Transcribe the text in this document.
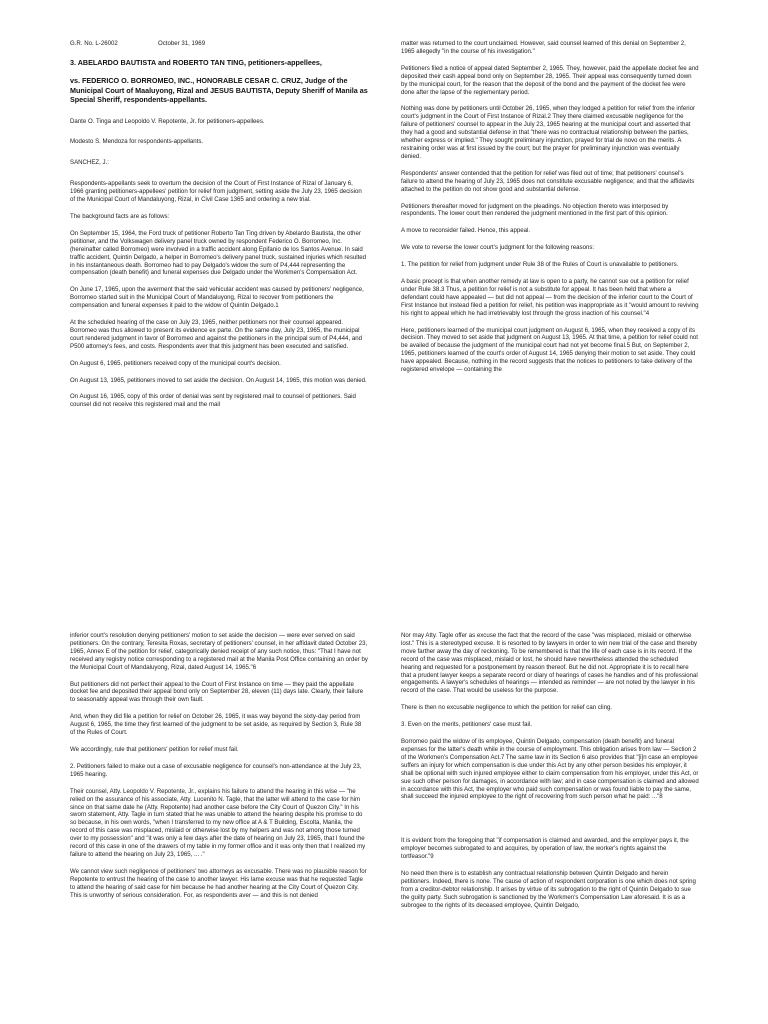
G.R. No. L-26002	October 31, 1969

3. ABELARDO BAUTISTA and ROBERTO TAN TING, petitioners-appellees,

vs. FEDERICO O. BORROMEO, INC., HONORABLE CESAR C. CRUZ, Judge of the Municipal Court of Maaluyong, Rizal and JESUS BAUTISTA, Deputy Sheriff of Manila as Special Sheriff, respondents-appellants.

Dante O. Tinga and Leopoldo V. Repotente, Jr. for petitioners-appellees.

Modesto S. Mendoza for respondents-appellants.

SANCHEZ, J.:

Respondents-appellants seek to overturn the decision of the Court of First Instance of Rizal of January 6, 1966 granting petitioners-appellees' petition for relief from judgment, setting aside the July 23, 1965 decision of the Municipal Court of Mandaluyong, Rizal, in Civil Case 1365 and ordering a new trial.

The background facts are as follows:

On September 15, 1964, the Ford truck of petitioner Roberto Tan Ting driven by Abelardo Bautista, the other petitioner, and the Volkswagen delivery panel truck owned by respondent Federico O. Borromeo, Inc. (hereinafter called Borromeo) were involved in a traffic accident along Epifanio de los Santos Avenue. In said traffic accident, Quintin Delgado, a helper in Borromeo's delivery panel truck, sustained injuries which resulted in his instantaneous death. Borromeo had to pay Delgado's widow the sum of P4,444 representing the compensation (death benefit) and funeral expenses due Delgado under the Workmen's Compensation Act.

On June 17, 1965, upon the averment that the said vehicular accident was caused by petitioners' negligence, Borromeo started suit in the Municipal Court of Mandaluyong, Rizal to recover from petitioners the compensation and funeral expenses it paid to the widow of Quintin Delgado.1

At the scheduled hearing of the case on July 23, 1965, neither petitioners nor their counsel appeared. Borromeo was thus allowed to present its evidence ex parte. On the same day, July 23, 1965, the municipal court rendered judgment in favor of Borromeo and against the petitioners in the principal sum of P4,444, and P500 attorney's fees, and costs. Respondents aver that this judgment has been executed and satisfied.

On August 6, 1965, petitioners received copy of the municipal court's decision.

On August 13, 1965, petitioners moved to set aside the decision. On August 14, 1965, this motion was denied.

On August 16, 1965, copy of this order of denial was sent by registered mail to counsel of petitioners. Said counsel did not receive this registered mail and the mail

matter was returned to the court unclaimed. However, said counsel learned of this denial on September 2, 1965 allegedly "in the course of his investigation."

Petitioners filed a notice of appeal dated September 2, 1965. They, however, paid the appellate docket fee and deposited their cash appeal bond only on September 28, 1965. Their appeal was consequently turned down by the municipal court, for the reason that the deposit of the bond and the payment of the docket fee were done after the lapse of the reglementary period.

Nothing was done by petitioners until October 26, 1965, when they lodged a petition for relief from the inferior court's judgment in the Court of First Instance of Rizal.2 They there claimed excusable negligence for the failure of petitioners' counsel to appear in the July 23, 1965 hearing at the municipal court and asserted that they had a good and substantial defense in that "there was no contractual relationship between the parties, whether express or implied." They sought preliminary injunction, prayed for trial de novo on the merits. A restraining order was at first issued by the court; but the prayer for preliminary injunction was eventually denied.

Respondents' answer contended that the petition for relief was filed out of time; that petitioners' counsel's failure to attend the hearing of July 23, 1965 does not constitute excusable negligence; and that the affidavits attached to the petition do not show good and substantial defense.

Petitioners thereafter moved for judgment on the pleadings. No objection thereto was interposed by respondents. The lower court then rendered the judgment mentioned in the first part of this opinion.

A move to reconsider failed. Hence, this appeal.

We vote to reverse the lower court's judgment for the following reasons:

1. The petition for relief from judgment under Rule 38 of the Rules of Court is unavailable to petitioners.

A basic precept is that when another remedy at law is open to a party, he cannot sue out a petition for relief under Rule 38.3 Thus, a petition for relief is not a substitute for appeal. It has been held that where a defendant could have appealed — but did not appeal — from the decision of the inferior court to the Court of First Instance but instead filed a petition for relief, his petition was inappropriate as it "would amount to reviving his right to appeal which he had irretrievably lost through the gross inaction of his counsel."4

Here, petitioners learned of the municipal court judgment on August 6, 1965, when they received a copy of its decision. They moved to set aside that judgment on August 13, 1965. At that time, a petition for relief could not be availed of because the judgment of the municipal court had not yet become final.5 But, on September 2, 1965, petitioners learned of the court's order of August 14, 1965 denying their motion to set aside. They could have appealed. Because, nothing in the record suggests that the notices to petitioners to take delivery of the registered envelope — containing the

inferior court's resolution denying petitioners' motion to set aside the decision — were ever served on said petitioners. On the contrary, Teresita Roxas, secretary of petitioners' counsel, in her affidavit dated October 23, 1965, Annex E of the petition for relief, categorically denied receipt of any such notice, thus: "That I have not received any registry notice corresponding to a registered mail at the Manila Post Office containing an order by the Municipal Court of Mandaluyong, Rizal, dated August 14, 1965."6

But petitioners did not perfect their appeal to the Court of First Instance on time — they paid the appellate docket fee and deposited their appeal bond only on September 28, eleven (11) days late. Clearly, their failure to seasonably appeal was through their own fault.

And, when they did file a petition for relief on October 26, 1965, it was way beyond the sixty-day period from August 6, 1965, the time they first learned of the judgment to be set aside, as required by Section 3, Rule 38 of the Rules of Court.

We accordingly, rule that petitioners' petition for relief must fail.

2. Petitioners failed to make out a case of excusable negligence for counsel's non-attendance at the July 23, 1965 hearing.

Their counsel, Atty. Leopoldo V. Repotente, Jr., explains his failure to attend the hearing in this wise — "he relied on the assurance of his associate, Atty. Lucenito N. Tagle, that the latter will attend to the case for him since on that same date he (Atty. Repotente) had another case before the City Court of Quezon City." In his sworn statement, Atty. Tagle in turn stated that he was unable to attend the hearing despite his promise to do so because, in his own words, "when I transferred to my new office at A & T Building, Escolta, Manila, the record of this case was misplaced, mislaid or otherwise lost by my helpers and was not among those turned over to my possession" and "it was only a few days after the date of hearing on July 23, 1965, that I found the record of this case in one of the drawers of my table in my former office and it was only then that I realized my failure to attend the hearing on July 23, 1965, ... ."

We cannot view such negligence of petitioners' two attorneys as excusable. There was no plausible reason for Repotente to entrust the hearing of the case to another lawyer. His lame excuse was that he requested Tagle to attend the hearing of said case for him because he had another hearing at the City Court of Quezon City. This is unworthy of serious consideration. For, as respondents aver — and this is not denied

Nor may Atty. Tagle offer as excuse the fact that the record of the case "was misplaced, mislaid or otherwise lost." This is a stereotyped excuse. It is resorted to by lawyers in order to win new trial of the case and thereby move farther away the day of reckoning. To be remembered is that the life of each case is in its record. If the record of the case was misplaced, mislaid or lost, he should have nevertheless attended the scheduled hearing and requested for a postponement by reason thereof. But he did not. Appropriate it is to recall here that a prudent lawyer keeps a separate record or diary of hearings of cases he handles and of his professional engagements. A lawyer's schedules of hearings — intended as reminder — are not noted by the lawyer in his record of the case. That would be useless for the purpose.

There is then no excusable negligence to which the petition for relief can cling.

3. Even on the merits, petitioners' case must fail.

Borromeo paid the widow of its employee, Quintin Delgado, compensation (death benefit) and funeral expenses for the latter's death while in the course of employment. This obligation arises from law — Section 2 of the Workmen's Compensation Act.7 The same law in its Section 6 also provides that "[i]n case an employee suffers an injury for which compensation is due under this Act by any other person besides his employer, it shall be optional with such injured employee either to claim compensation from his employer, under this Act, or sue such other person for damages, in accordance with law; and in case compensation is claimed and allowed in accordance with this Act, the employer who paid such compensation or was found liable to pay the same, shall succeed the injured employee to the right of recovering from such person what he paid: ..."8

It is evident from the foregoing that "if compensation is claimed and awarded, and the employer pays it, the employer becomes subrogated to and acquires, by operation of law, the worker's rights against the tortfeasor."9

No need then there is to establish any contractual relationship between Quintin Delgado and herein petitioners. Indeed, there is none. The cause of action of respondent corporation is one which does not spring from a creditor-debtor relationship. It arises by virtue of its subrogation to the right of Quintin Delgado to sue the guilty party. Such subrogation is sanctioned by the Workmen's Compensation Law aforesaid. It is as a subrogee to the rights of its deceased employee, Quintin Delgado,
